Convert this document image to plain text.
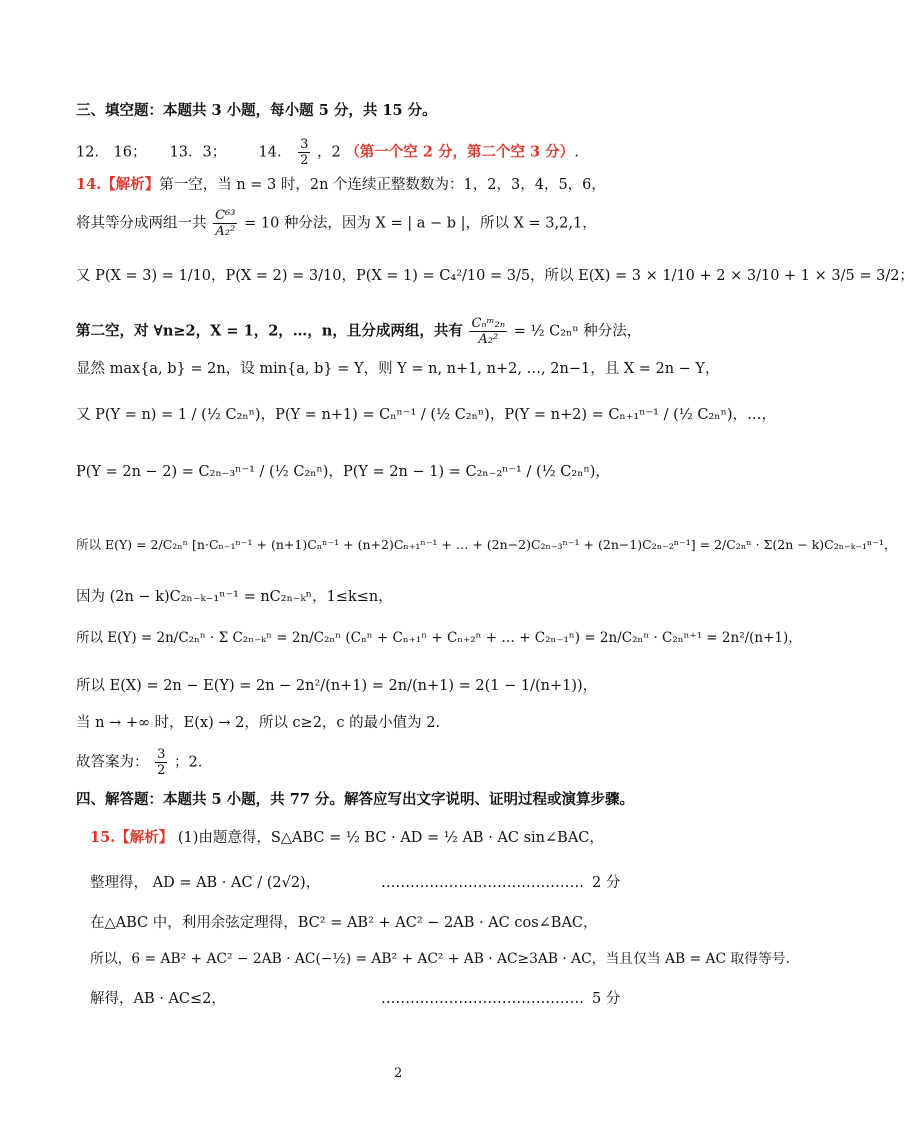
三、填空题：本题共 3 小题，每小题 5 分，共 15 分。
12． 16； 13．3； 14． $\frac{3}{2}$ ，2 （第一个空 2 分，第二个空 3 分）.
14.【解析】第一空，当 n = 3 时，2n 个连续正整数数为：1，2，3，4，5，6，
将其等分成两组一共 $\frac{\text{C⁶³}}{\text{A₂²}} = 10$ 种分法，因为 X = | a − b |，所以 X = 3,2,1，
又 P(X = 3) = 1/10，P(X = 2) = 3/10，P(X = 1) = C₄²/10 = 3/5，所以 E(X) = 3 × 1/10 + 2 × 3/10 + 1 × 3/5 = 3/2；
第二空，对 ∀n≥2，X = 1，2，…，n，且分成两组，共有 $\frac{\text{Cₙᵐ₂ₙ}}{\text{A₂²}}$ = ½ C₂ₙⁿ 种分法，
显然 max{a, b} = 2n，设 min{a, b} = Y，则 Y = n, n+1, n+2, …, 2n−1，且 X = 2n − Y，
又 P(Y = n) = 1 / (½ C₂ₙⁿ)，P(Y = n+1) = Cₙⁿ⁻¹ / (½ C₂ₙⁿ)，P(Y = n+2) = Cₙ₊₁ⁿ⁻¹ / (½ C₂ₙⁿ)，…，
P(Y = 2n − 2) = C₂ₙ₋₃ⁿ⁻¹ / (½ C₂ₙⁿ)，P(Y = 2n − 1) = C₂ₙ₋₂ⁿ⁻¹ / (½ C₂ₙⁿ)，
所以 E(Y) = 2/C₂ₙⁿ [n·Cₙ₋₁ⁿ⁻¹ + (n+1)Cₙⁿ⁻¹ + (n+2)Cₙ₊₁ⁿ⁻¹ + … + (2n−2)C₂ₙ₋₃ⁿ⁻¹ + (2n−1)C₂ₙ₋₂ⁿ⁻¹] = 2/C₂ₙⁿ · Σ(2n − k)C₂ₙ₋ₖ₋₁ⁿ⁻¹，
因为 (2n − k)C₂ₙ₋ₖ₋₁ⁿ⁻¹ = nC₂ₙ₋ₖⁿ，1≤k≤n，
所以 E(Y) = 2n/C₂ₙⁿ · Σ C₂ₙ₋ₖⁿ = 2n/C₂ₙⁿ (Cₙⁿ + Cₙ₊₁ⁿ + Cₙ₊₂ⁿ + … + C₂ₙ₋₁ⁿ) = 2n/C₂ₙⁿ · C₂ₙⁿ⁺¹ = 2n²/(n+1)，
所以 E(X) = 2n − E(Y) = 2n − 2n²/(n+1) = 2n/(n+1) = 2(1 − 1/(n+1))，
当 n → +∞ 时，E(x) → 2，所以 c≥2，c 的最小值为 2.
故答案为： $\frac{3}{2}$ ；2.
四、解答题：本题共 5 小题，共 77 分。解答应写出文字说明、证明过程或演算步骤。
15.【解析】 (1)由题意得，S△ABC = ½ BC · AD = ½ AB · AC sin∠BAC，
整理得， AD = AB · AC / (2√2)，	…………………………………… 2 分
在△ABC 中，利用余弦定理得，BC² = AB² + AC² − 2AB · AC cos∠BAC，
所以，6 = AB² + AC² − 2AB · AC(−½) = AB² + AC² + AB · AC≥3AB · AC，当且仅当 AB = AC 取得等号.
解得，AB · AC≤2，	…………………………………… 5 分
2
